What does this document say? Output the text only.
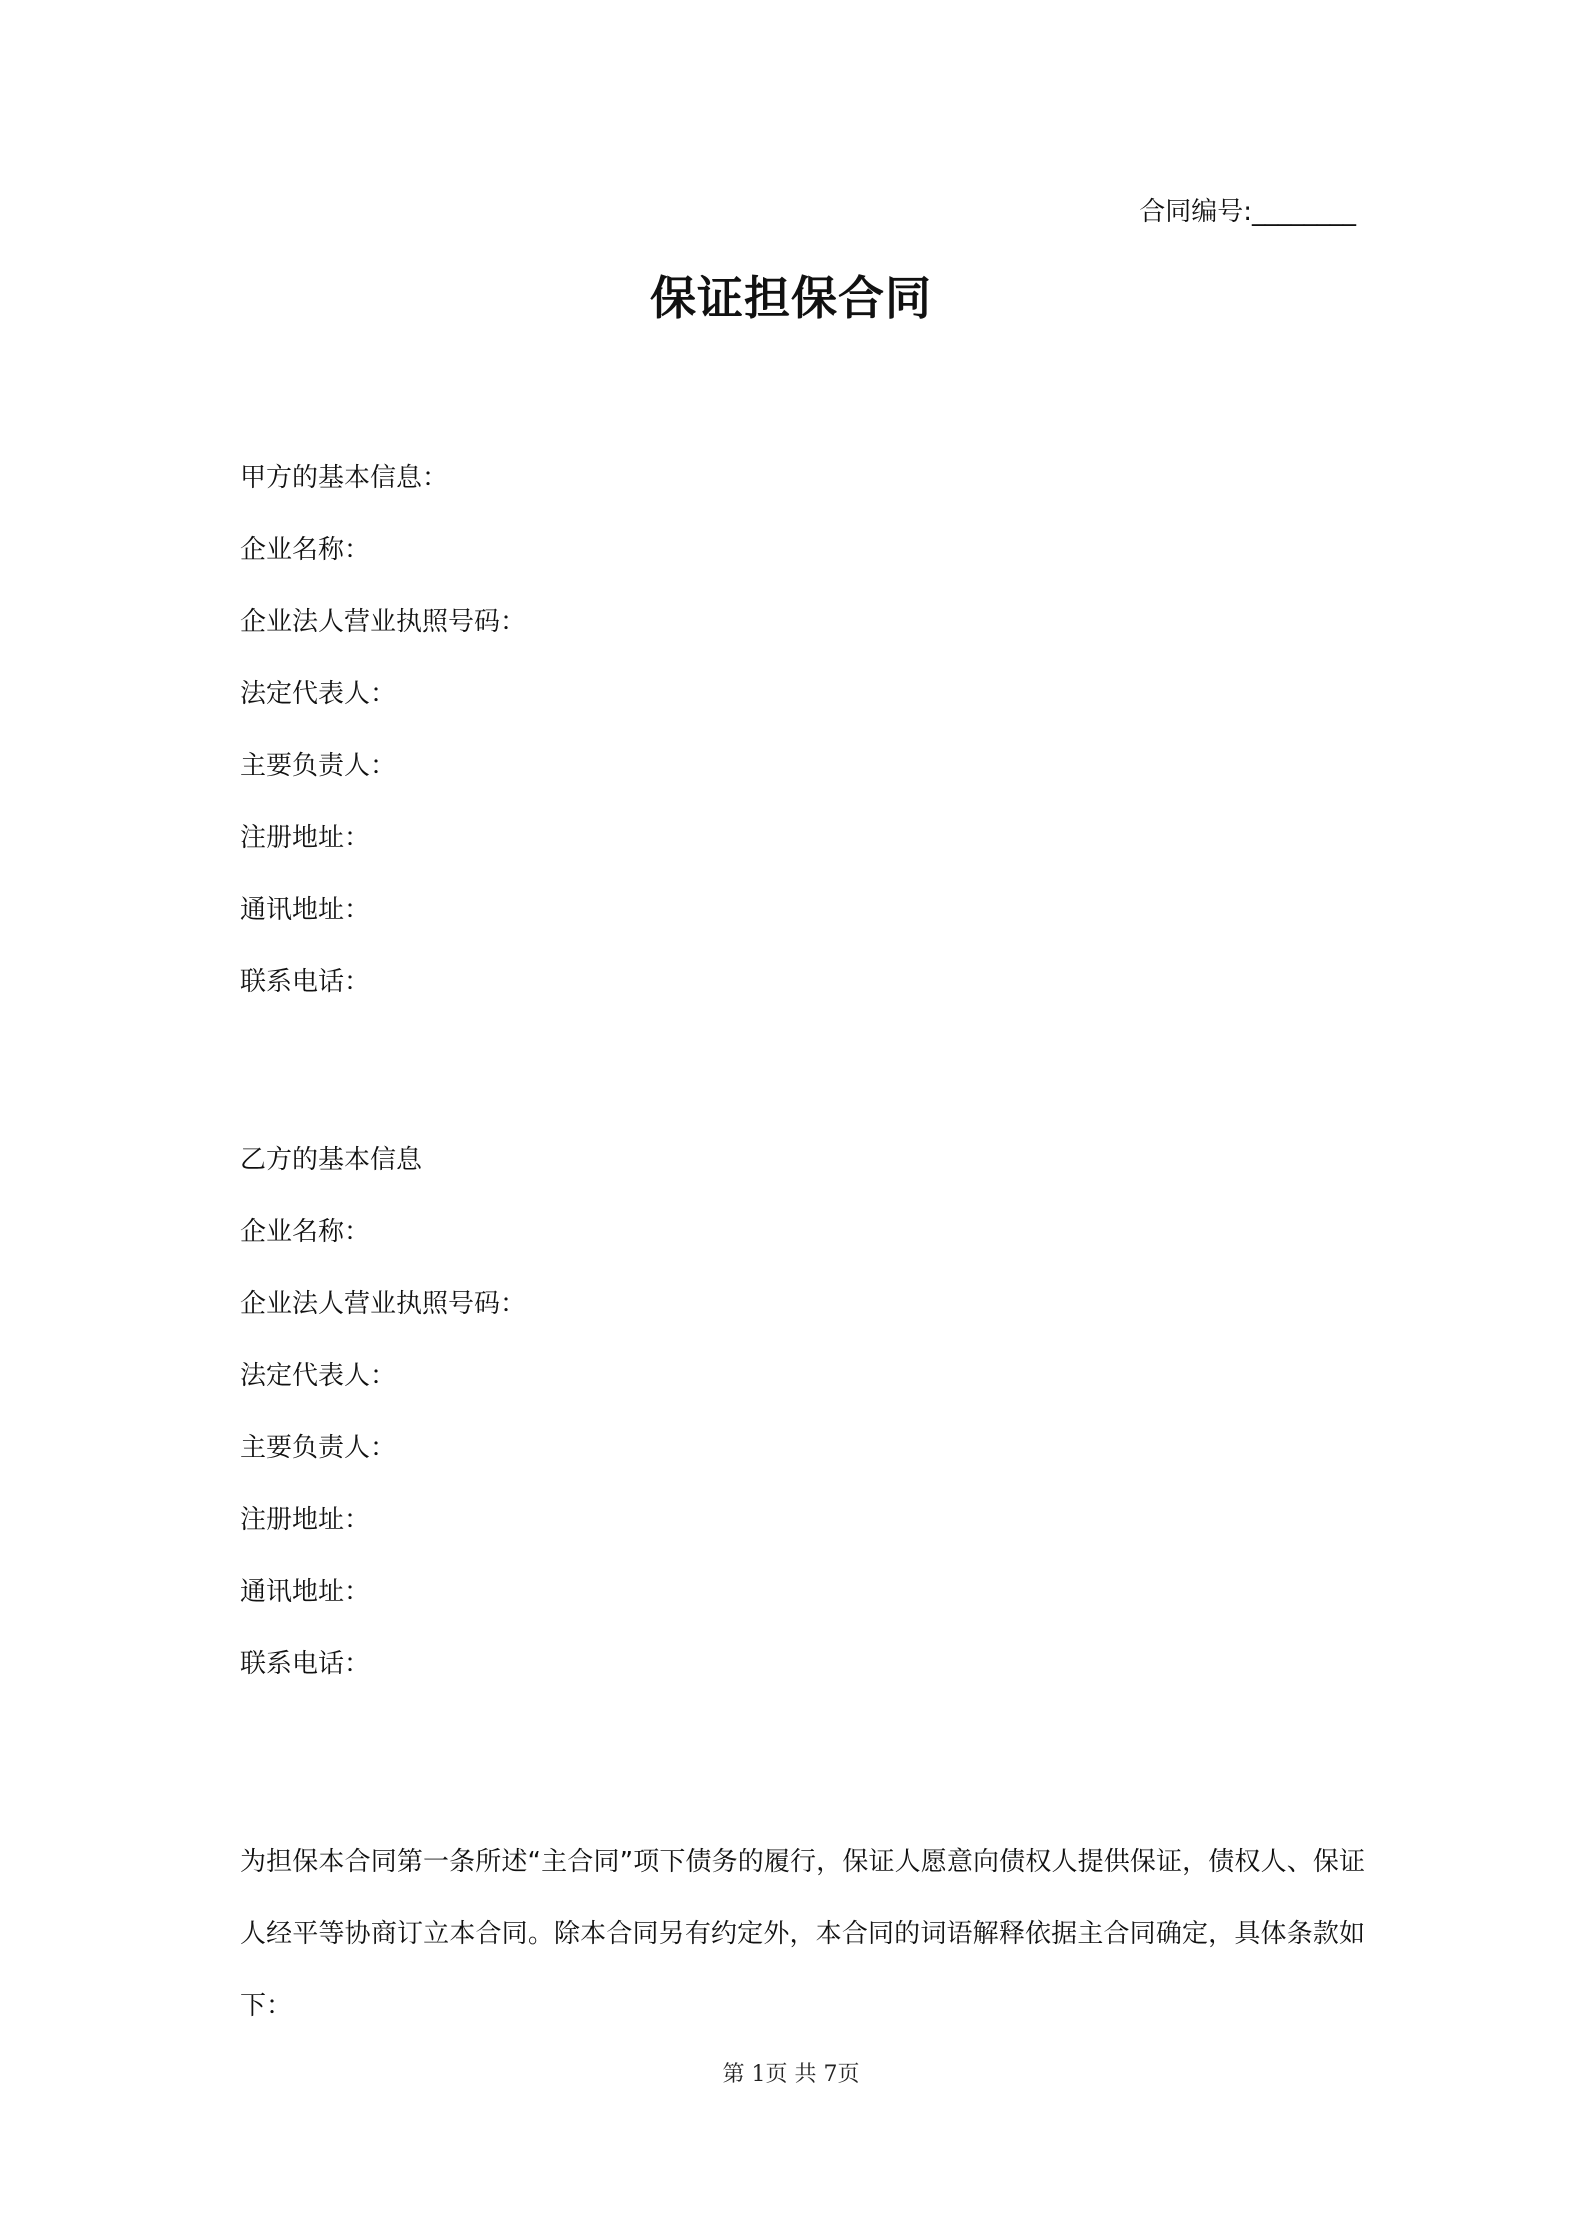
合同编号:________
保证担保合同
甲方的基本信息：
企业名称：
企业法人营业执照号码：
法定代表人：
主要负责人：
注册地址：
通讯地址：
联系电话：
乙方的基本信息
企业名称：
企业法人营业执照号码：
法定代表人：
主要负责人：
注册地址：
通讯地址：
联系电话：
为担保本合同第一条所述“主合同”项下债务的履行，保证人愿意向债权人提供保证，债权人、保证人经平等协商订立本合同。除本合同另有约定外，本合同的词语解释依据主合同确定，具体条款如下：
第 1页 共 7页
